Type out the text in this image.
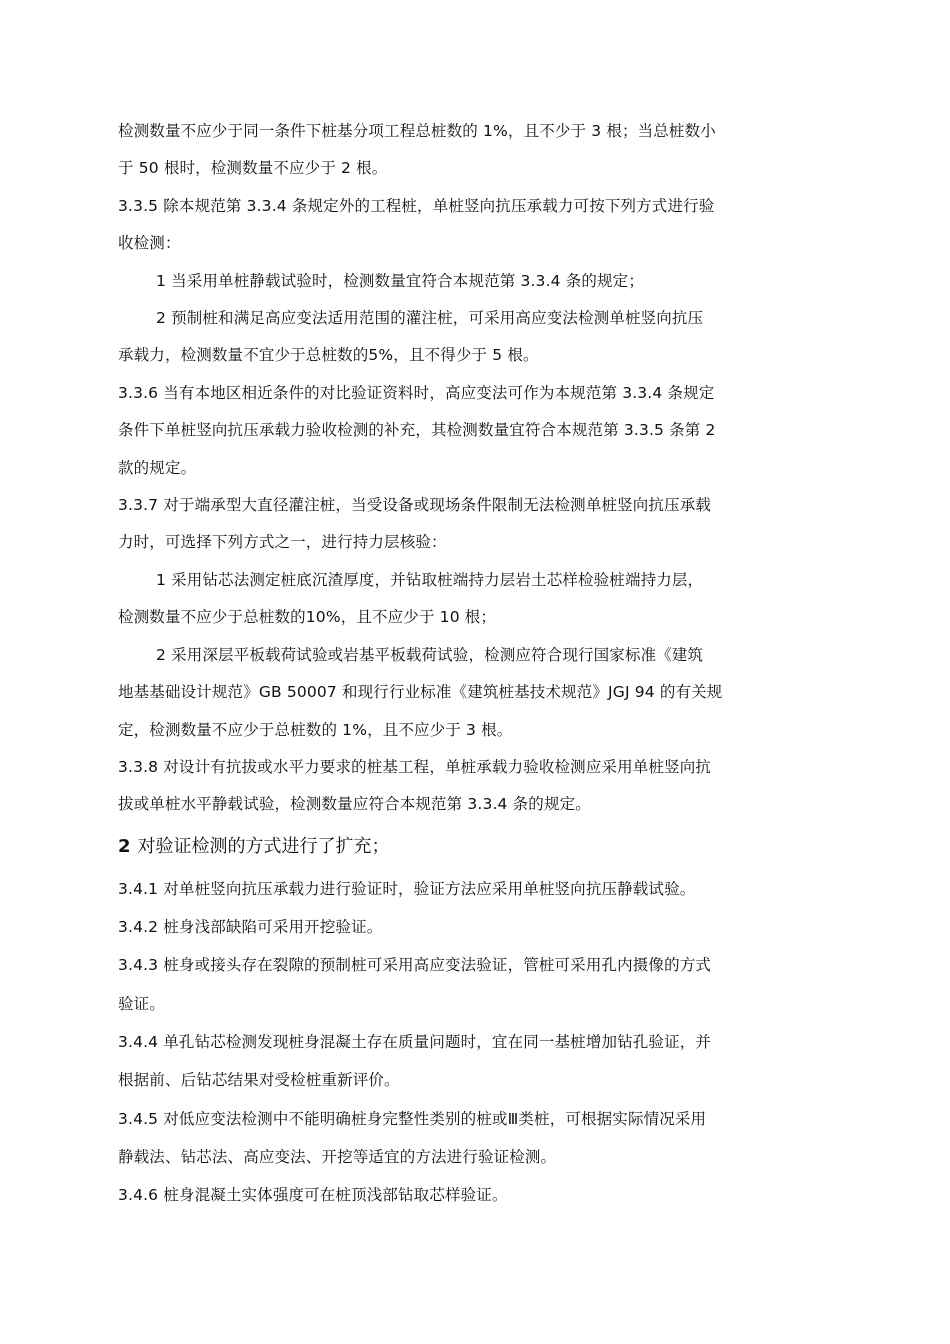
检测数量不应少于同一条件下桩基分项工程总桩数的 1%，且不少于 3 根；当总桩数小
于 50 根时，检测数量不应少于 2 根。
3.3.5 除本规范第 3.3.4 条规定外的工程桩，单桩竖向抗压承载力可按下列方式进行验
收检测：
1 当采用单桩静载试验时，检测数量宜符合本规范第 3.3.4 条的规定；
2 预制桩和满足高应变法适用范围的灌注桩，可采用高应变法检测单桩竖向抗压
承载力，检测数量不宜少于总桩数的5%，且不得少于 5 根。
3.3.6 当有本地区相近条件的对比验证资料时，高应变法可作为本规范第 3.3.4 条规定
条件下单桩竖向抗压承载力验收检测的补充，其检测数量宜符合本规范第 3.3.5 条第 2
款的规定。
3.3.7 对于端承型大直径灌注桩，当受设备或现场条件限制无法检测单桩竖向抗压承载
力时，可选择下列方式之一，进行持力层核验：
1 采用钻芯法测定桩底沉渣厚度，并钻取桩端持力层岩土芯样检验桩端持力层，
检测数量不应少于总桩数的10%，且不应少于 10 根；
2 采用深层平板载荷试验或岩基平板载荷试验，检测应符合现行国家标准《建筑
地基基础设计规范》GB 50007 和现行行业标准《建筑桩基技术规范》JGJ 94 的有关规
定，检测数量不应少于总桩数的 1%，且不应少于 3 根。
3.3.8 对设计有抗拔或水平力要求的桩基工程，单桩承载力验收检测应采用单桩竖向抗
拔或单桩水平静载试验，检测数量应符合本规范第 3.3.4 条的规定。
2 对验证检测的方式进行了扩充；
3.4.1 对单桩竖向抗压承载力进行验证时，验证方法应采用单桩竖向抗压静载试验。
3.4.2 桩身浅部缺陷可采用开挖验证。
3.4.3 桩身或接头存在裂隙的预制桩可采用高应变法验证，管桩可采用孔内摄像的方式
验证。
3.4.4 单孔钻芯检测发现桩身混凝土存在质量问题时，宜在同一基桩增加钻孔验证，并
根据前、后钻芯结果对受检桩重新评价。
3.4.5 对低应变法检测中不能明确桩身完整性类别的桩或Ⅲ类桩，可根据实际情况采用
静载法、钻芯法、高应变法、开挖等适宜的方法进行验证检测。
3.4.6 桩身混凝土实体强度可在桩顶浅部钻取芯样验证。
